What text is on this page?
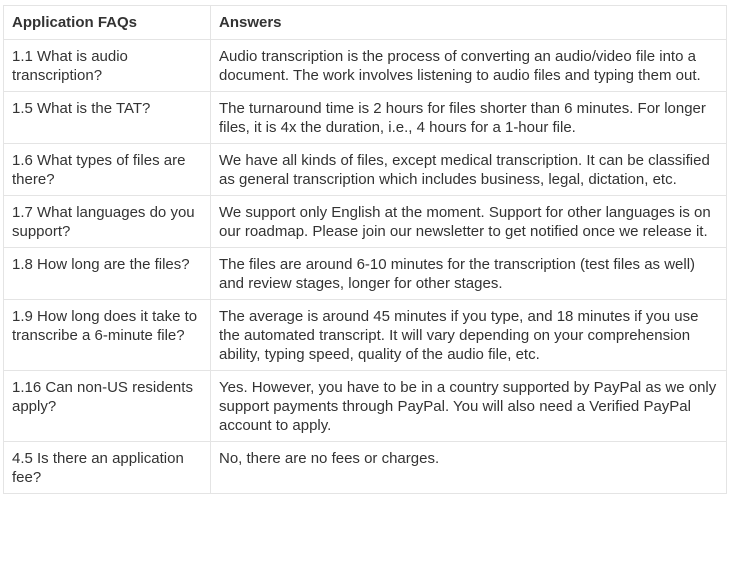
Application FAQs	Answers
1.1 What is audio transcription?	Audio transcription is the process of converting an audio/video file into a document. The work involves listening to audio files and typing them out.
1.5 What is the TAT?	The turnaround time is 2 hours for files shorter than 6 minutes. For longer files, it is 4x the duration, i.e., 4 hours for a 1-hour file.
1.6 What types of files are there?	We have all kinds of files, except medical transcription. It can be classified as general transcription which includes business, legal, dictation, etc.
1.7 What languages do you support?	We support only English at the moment. Support for other languages is on our roadmap. Please join our newsletter to get notified once we release it.
1.8 How long are the files?	The files are around 6-10 minutes for the transcription (test files as well) and review stages, longer for other stages.
1.9 How long does it take to transcribe a 6-minute file?	The average is around 45 minutes if you type, and 18 minutes if you use the automated transcript. It will vary depending on your comprehension ability, typing speed, quality of the audio file, etc.
1.16 Can non-US residents apply?	Yes. However, you have to be in a country supported by PayPal as we only support payments through PayPal. You will also need a Verified PayPal account to apply.
4.5 Is there an application fee?	No, there are no fees or charges.
